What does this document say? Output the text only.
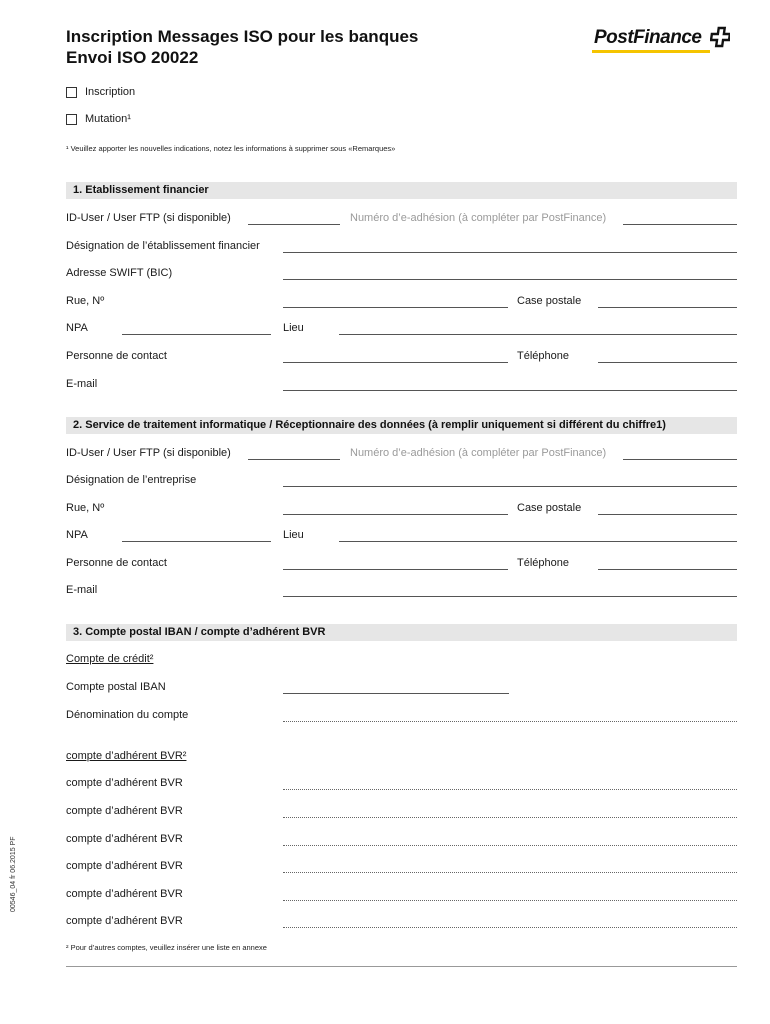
Inscription Messages ISO pour les banques
Envoi ISO 20022
PostFinance
Inscription
Mutation¹
¹ Veuillez apporter les nouvelles indications, notez les informations à supprimer sous «Remarques»
1. Etablissement financier
ID-User / User FTP (si disponible)	Numéro d’e-adhésion (à compléter par PostFinance)
Désignation de l’établissement financier
Adresse SWIFT (BIC)
Rue, Nº	Case postale
NPA	Lieu
Personne de contact	Téléphone
E-mail
2. Service de traitement informatique / Réceptionnaire des données (à remplir uniquement si différent du chiffre1)
ID-User / User FTP (si disponible)	Numéro d’e-adhésion (à compléter par PostFinance)
Désignation de l’entreprise
Rue, Nº	Case postale
NPA	Lieu
Personne de contact	Téléphone
E-mail
3. Compte postal IBAN / compte d’adhérent BVR
Compte de crédit²
Compte postal IBAN
Dénomination du compte
compte d’adhérent BVR²
compte d’adhérent BVR
compte d’adhérent BVR
compte d’adhérent BVR
compte d’adhérent BVR
compte d’adhérent BVR
compte d’adhérent BVR
² Pour d’autres comptes, veuillez insérer une liste en annexe
00546_04 fr 06.2015 PF
